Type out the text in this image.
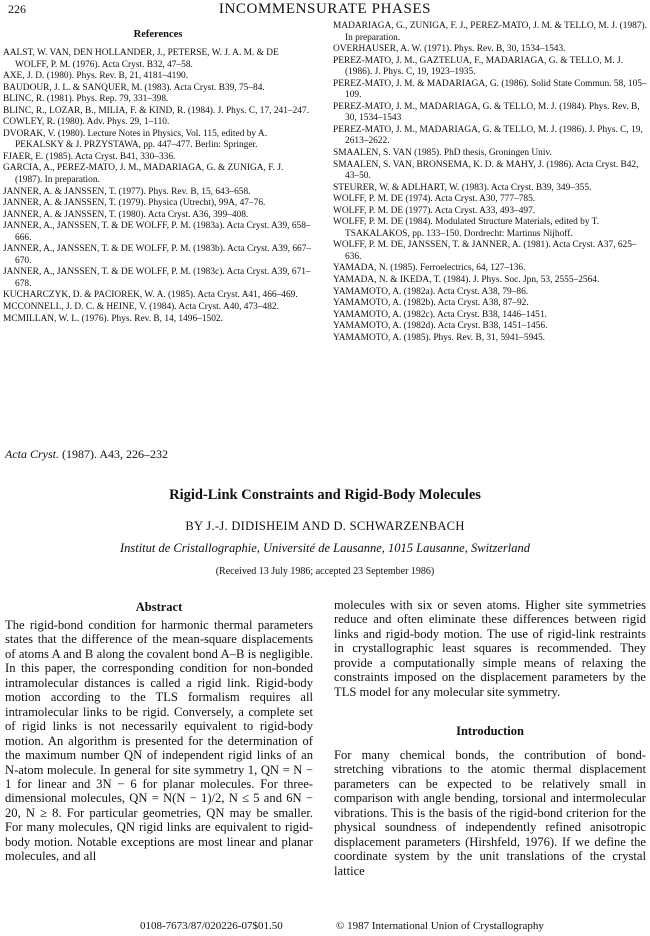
226	INCOMMENSURATE PHASES
References
AALST, W. VAN, DEN HOLLANDER, J., PETERSE, W. J. A. M. & DE WOLFF, P. M. (1976). Acta Cryst. B32, 47–58.
AXE, J. D. (1980). Phys. Rev. B, 21, 4181–4190.
BAUDOUR, J. L. & SANQUER, M. (1983). Acta Cryst. B39, 75–84.
BLINC, R. (1981). Phys. Rep. 79, 331–398.
BLINC, R., LOZAR, B., MILIA, F. & KIND, R. (1984). J. Phys. C, 17, 241–247.
COWLEY, R. (1980). Adv. Phys. 29, 1–110.
DVORAK, V. (1980). Lecture Notes in Physics, Vol. 115, edited by A. PEKALSKY & J. PRZYSTAWA, pp. 447–477. Berlin: Springer.
FJAER, E. (1985). Acta Cryst. B41, 330–336.
GARCIA, A., PEREZ-MATO, J. M., MADARIAGA, G. & ZUNIGA, F. J. (1987). In preparation.
JANNER, A. & JANSSEN, T. (1977). Phys. Rev. B, 15, 643–658.
JANNER, A. & JANSSEN, T. (1979). Physica (Utrecht), 99A, 47–76.
JANNER, A. & JANSSEN, T. (1980). Acta Cryst. A36, 399–408.
JANNER, A., JANSSEN, T. & DE WOLFF, P. M. (1983a). Acta Cryst. A39, 658–666.
JANNER, A., JANSSEN, T. & DE WOLFF, P. M. (1983b). Acta Cryst. A39, 667–670.
JANNER, A., JANSSEN, T. & DE WOLFF, P. M. (1983c). Acta Cryst. A39, 671–678.
KUCHARCZYK, D. & PACIOREK, W. A. (1985). Acta Cryst. A41, 466–469.
MCCONNELL, J. D. C. & HEINE, V. (1984). Acta Cryst. A40, 473–482.
MCMILLAN, W. L. (1976). Phys. Rev. B, 14, 1496–1502.
MADARIAGA, G., ZUNIGA, F. J., PEREZ-MATO, J. M. & TELLO, M. J. (1987). In preparation.
OVERHAUSER, A. W. (1971). Phys. Rev. B, 30, 1534–1543.
PEREZ-MATO, J. M., GAZTELUA, F., MADARIAGA, G. & TELLO, M. J. (1986). J. Phys. C, 19, 1923–1935.
PEREZ-MATO, J. M. & MADARIAGA, G. (1986). Solid State Commun. 58, 105–109.
PEREZ-MATO, J. M., MADARIAGA, G. & TELLO, M. J. (1984). Phys. Rev. B, 30, 1534–1543
PEREZ-MATO, J. M., MADARIAGA, G. & TELLO, M. J. (1986). J. Phys. C, 19, 2613–2622.
SMAALEN, S. VAN (1985). PhD thesis, Groningen Univ.
SMAALEN, S. VAN, BRONSEMA, K. D. & MAHY, J. (1986). Acta Cryst. B42, 43–50.
STEURER, W. & ADLHART, W. (1983). Acta Cryst. B39, 349–355.
WOLFF, P. M. DE (1974). Acta Cryst. A30, 777–785.
WOLFF, P. M. DE (1977). Acta Cryst. A33, 493–497.
WOLFF, P. M. DE (1984). Modulated Structure Materials, edited by T. TSAKALAKOS, pp. 133–150. Dordrecht: Martinus Nijhoff.
WOLFF, P. M. DE, JANSSEN, T. & JANNER, A. (1981). Acta Cryst. A37, 625–636.
YAMADA, N. (1985). Ferroelectrics, 64, 127–136.
YAMADA, N. & IKEDA, T. (1984). J. Phys. Soc. Jpn, 53, 2555–2564.
YAMAMOTO, A. (1982a). Acta Cryst. A38, 79–86.
YAMAMOTO, A. (1982b). Acta Cryst. A38, 87–92.
YAMAMOTO, A. (1982c). Acta Cryst. B38, 1446–1451.
YAMAMOTO, A. (1982d). Acta Cryst. B38, 1451–1456.
YAMAMOTO, A. (1985). Phys. Rev. B, 31, 5941–5945.
Acta Cryst. (1987). A43, 226–232
Rigid-Link Constraints and Rigid-Body Molecules
BY J.-J. DIDISHEIM AND D. SCHWARZENBACH
Institut de Cristallographie, Université de Lausanne, 1015 Lausanne, Switzerland
(Received 13 July 1986; accepted 23 September 1986)
Abstract
The rigid-bond condition for harmonic thermal parameters states that the difference of the mean-square displacements of atoms A and B along the covalent bond A–B is negligible. In this paper, the corresponding condition for non-bonded intramolecular distances is called a rigid link. Rigid-body motion according to the TLS formalism requires all intramolecular links to be rigid. Conversely, a complete set of rigid links is not necessarily equivalent to rigid-body motion. An algorithm is presented for the determination of the maximum number QN of independent rigid links of an N-atom molecule. In general for site symmetry 1, QN = N − 1 for linear and 3N − 6 for planar molecules. For three-dimensional molecules, QN = N(N − 1)/2, N ≤ 5 and 6N − 20, N ≥ 8. For particular geometries, QN may be smaller. For many molecules, QN rigid links are equivalent to rigid-body motion. Notable exceptions are most linear and planar molecules, and all
molecules with six or seven atoms. Higher site symmetries reduce and often eliminate these differences between rigid links and rigid-body motion. The use of rigid-link restraints in crystallographic least squares is recommended. They provide a computationally simple means of relaxing the constraints imposed on the displacement parameters by the TLS model for any molecular site symmetry.
Introduction
For many chemical bonds, the contribution of bond-stretching vibrations to the atomic thermal displacement parameters can be expected to be relatively small in comparison with angle bending, torsional and intermolecular vibrations. This is the basis of the rigid-bond criterion for the physical soundness of independently refined anisotropic displacement parameters (Hirshfeld, 1976). If we define the coordinate system by the unit translations of the crystal lattice
0108-7673/87/020226-07$01.50	© 1987 International Union of Crystallography
